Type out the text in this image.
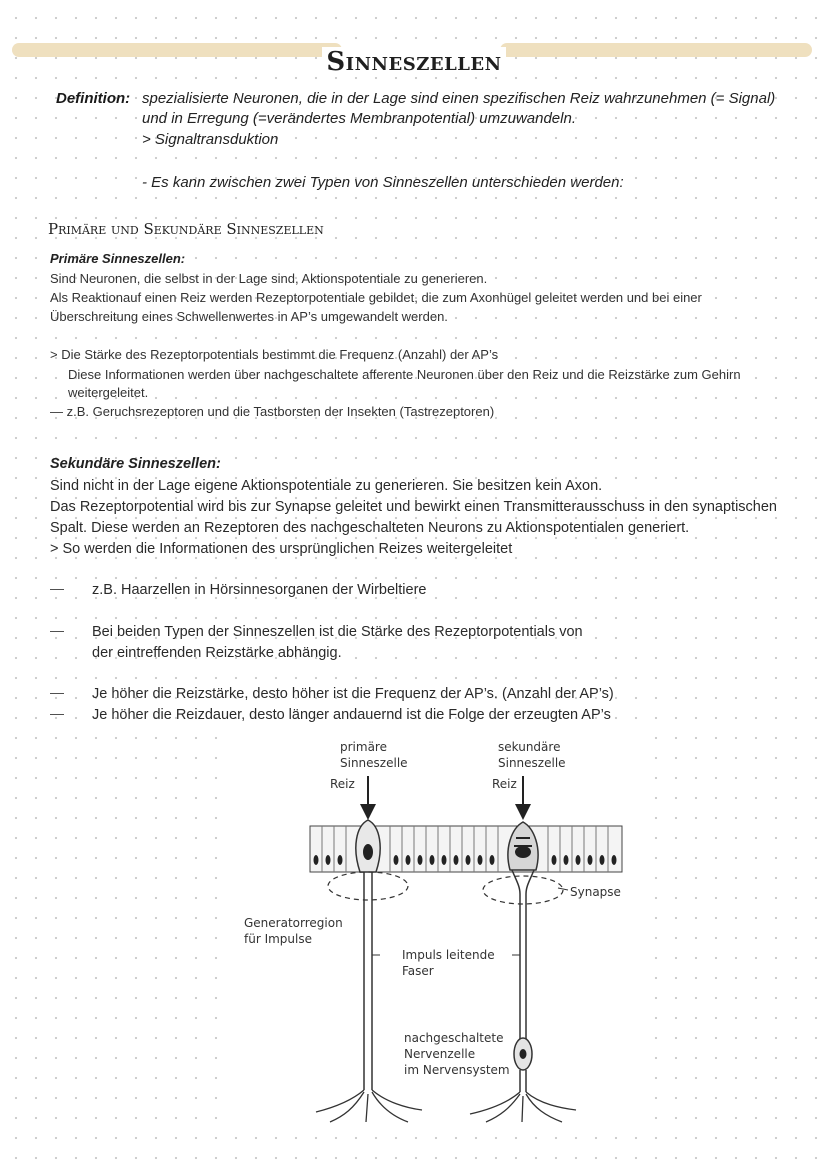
Sinneszellen
Definition: spezialisierte Neuronen, die in der Lage sind einen spezifischen Reiz wahrzunehmen (= Signal)
und in Erregung (=verändertes Membranpotential) umzuwandeln.
> Signaltransduktion
- Es kann zwischen zwei Typen von Sinneszellen unterschieden werden:
Primäre und Sekundäre Sinneszellen
Primäre Sinneszellen:
Sind Neuronen, die selbst in der Lage sind, Aktionspotentiale zu generieren.
Als Reaktionauf einen Reiz werden Rezeptorpotentiale gebildet, die zum Axonhügel geleitet werden und bei einer
Überschreitung eines Schwellenwertes in AP’s umgewandelt werden.
> Die Stärke des Rezeptorpotentials bestimmt die Frequenz (Anzahl) der AP’s
Diese Informationen werden über nachgeschaltete afferente Neuronen über den Reiz und die Reizstärke zum Gehirn
weitergeleitet.
— z.B. Geruchsrezeptoren und die Tastborsten der Insekten (Tastrezeptoren)
Sekundäre Sinneszellen:
Sind nicht in der Lage eigene Aktionspotentiale zu generieren. Sie besitzen kein Axon.
Das Rezeptorpotential wird bis zur Synapse geleitet und bewirkt einen Transmitterausschuss in den synaptischen
Spalt. Diese werden an Rezeptoren des nachgeschalteten Neurons zu Aktionspotentialen generiert.
> So werden die Informationen des ursprünglichen Reizes weitergeleitet
— z.B. Haarzellen in Hörsinnesorganen der Wirbeltiere
— Bei beiden Typen der Sinneszellen ist die Stärke des Rezeptorpotentials von
der eintreffenden Reizstärke abhängig.
— Je höher die Reizstärke, desto höher ist die Frequenz der AP’s. (Anzahl der AP’s)
— Je höher die Reizdauer, desto länger andauernd ist die Folge der erzeugten AP’s
primäre
Sinneszelle
sekundäre
Sinneszelle
Reiz	Reiz
Synapse
Generatorregion
für Impulse
Impuls leitende
Faser
nachgeschaltete
Nervenzelle
im Nervensystem
